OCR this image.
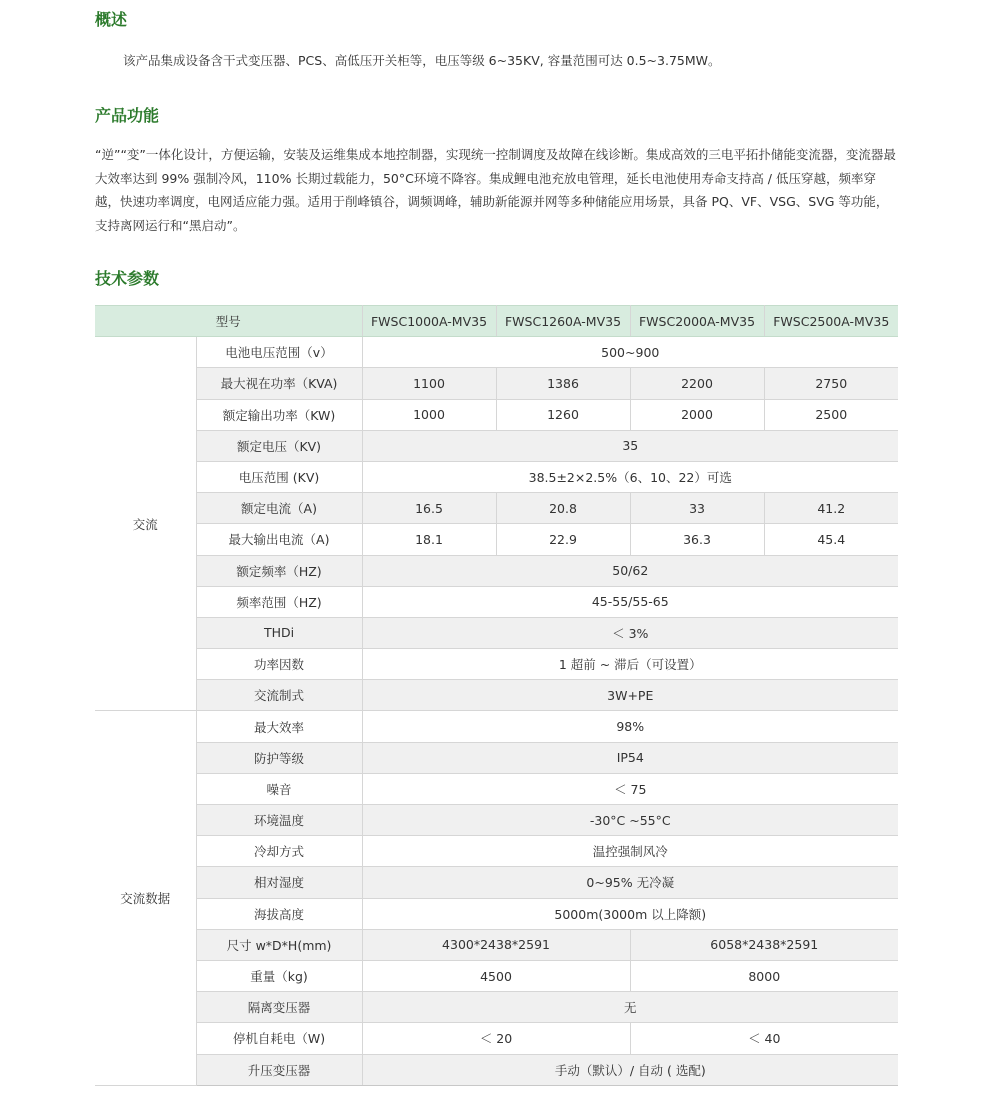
概述

该产品集成设备含干式变压器、PCS、高低压开关柜等，电压等级 6~35KV, 容量范围可达 0.5~3.75MW。

产品功能

“逆”“变”一体化设计，方便运输，安装及运维集成本地控制器，实现统一控制调度及故障在线诊断。集成高效的三电平拓扑储能变流器，变流器最大效率达到 99% 强制冷风，110% 长期过载能力，50°C环境不降容。集成鲤电池充放电管理，延长电池使用寿命支持高 / 低压穿越，频率穿越，快速功率调度，电网适应能力强。适用于削峰镇谷，调频调峰，辅助新能源并网等多种储能应用场景，具备 PQ、VF、VSG、SVG 等功能，支持离网运行和“黑启动”。

技术参数
型号		FWSC1000A-MV35	FWSC1260A-MV35	FWSC2000A-MV35	FWSC2500A-MV35
交流	电池电压范围（v）	500~900			
	最大视在功率（KVA)	1100	1386	2200	2750
	额定输出功率（KW)	1000	1260	2000	2500
	额定电压（KV)	35			
	电压范围 (KV)	38.5±2×2.5%（6、10、22）可选			
	额定电流（A)	16.5	20.8	33	41.2
	最大输出电流（A)	18.1	22.9	36.3	45.4
	额定频率（HZ)	50/62			
	频率范围（HZ)	45-55/55-65			
	THDi	＜ 3%			
	功率因数	1 超前 ~ 滞后（可设置）			
	交流制式	3W+PE			
交流数据	最大效率	98%			
	防护等级	IP54			
	噪音	＜ 75			
	环境温度	-30°C ~55°C			
	冷却方式	温控强制风冷			
	相对湿度	0~95% 无冷凝			
	海拔高度	5000m(3000m 以上降额)			
	尺寸 w*D*H(mm)	4300*2438*2591		6058*2438*2591	
	重量（kg)	4500		8000	
	隔离变压器	无			
	停机自耗电（W)	＜ 20		＜ 40	
	升压变压器	手动（默认）/ 自动 ( 选配)			
